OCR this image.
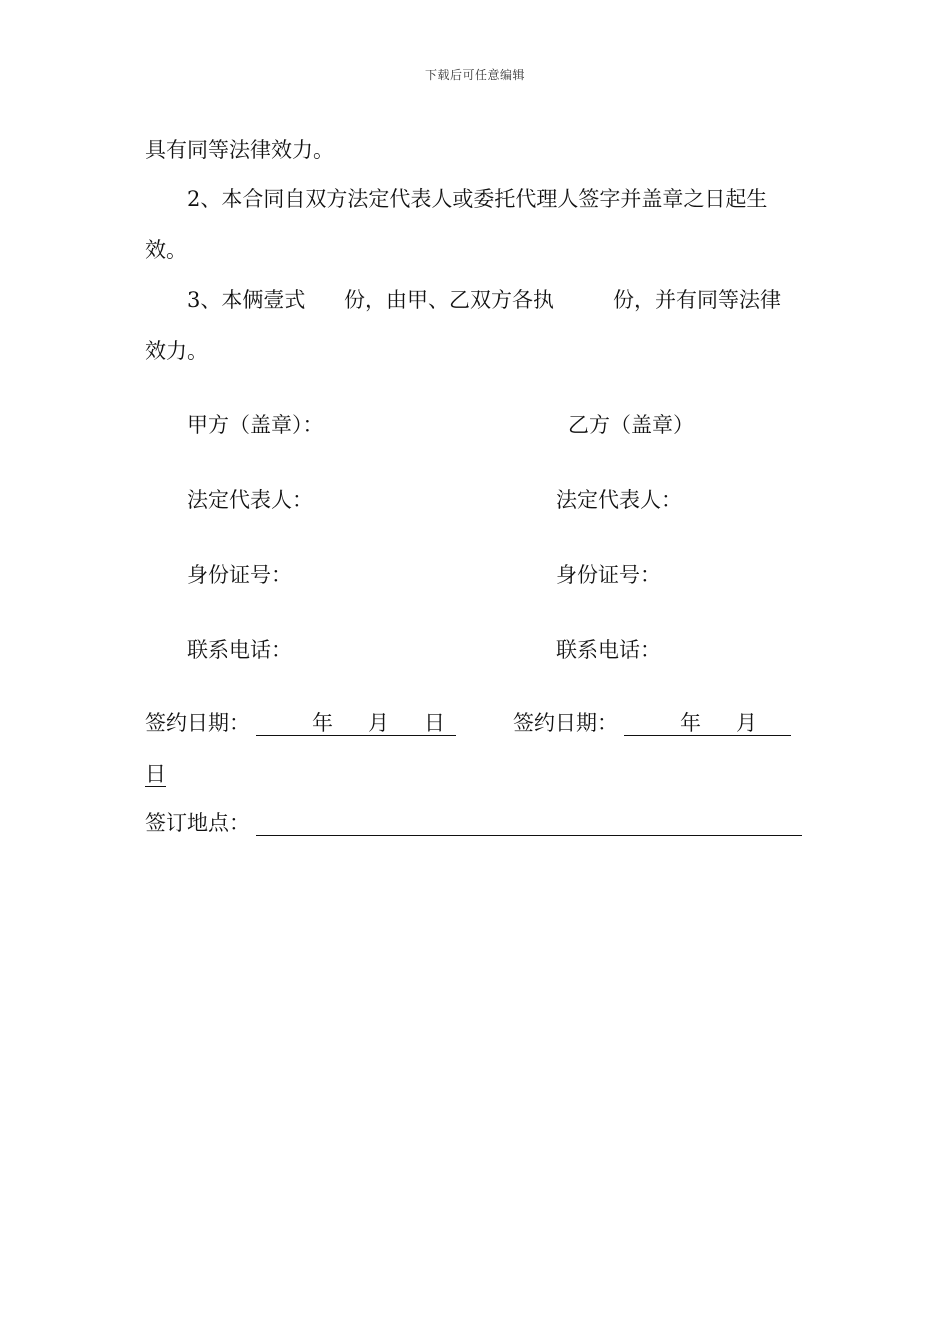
下载后可任意编辑
具有同等法律效力。
2、本合同自双方法定代表人或委托代理人签字并盖章之日起生
效。
3、本俩壹式 份，由甲、乙双方各执	份，并有同等法律
效力。
甲方（盖章）：	乙方（盖章）
法定代表人：	法定代表人：
身份证号：	身份证号：
联系电话：	联系电话：
签约日期：	年 月 日	签约日期：	年 月
日
签订地点：
